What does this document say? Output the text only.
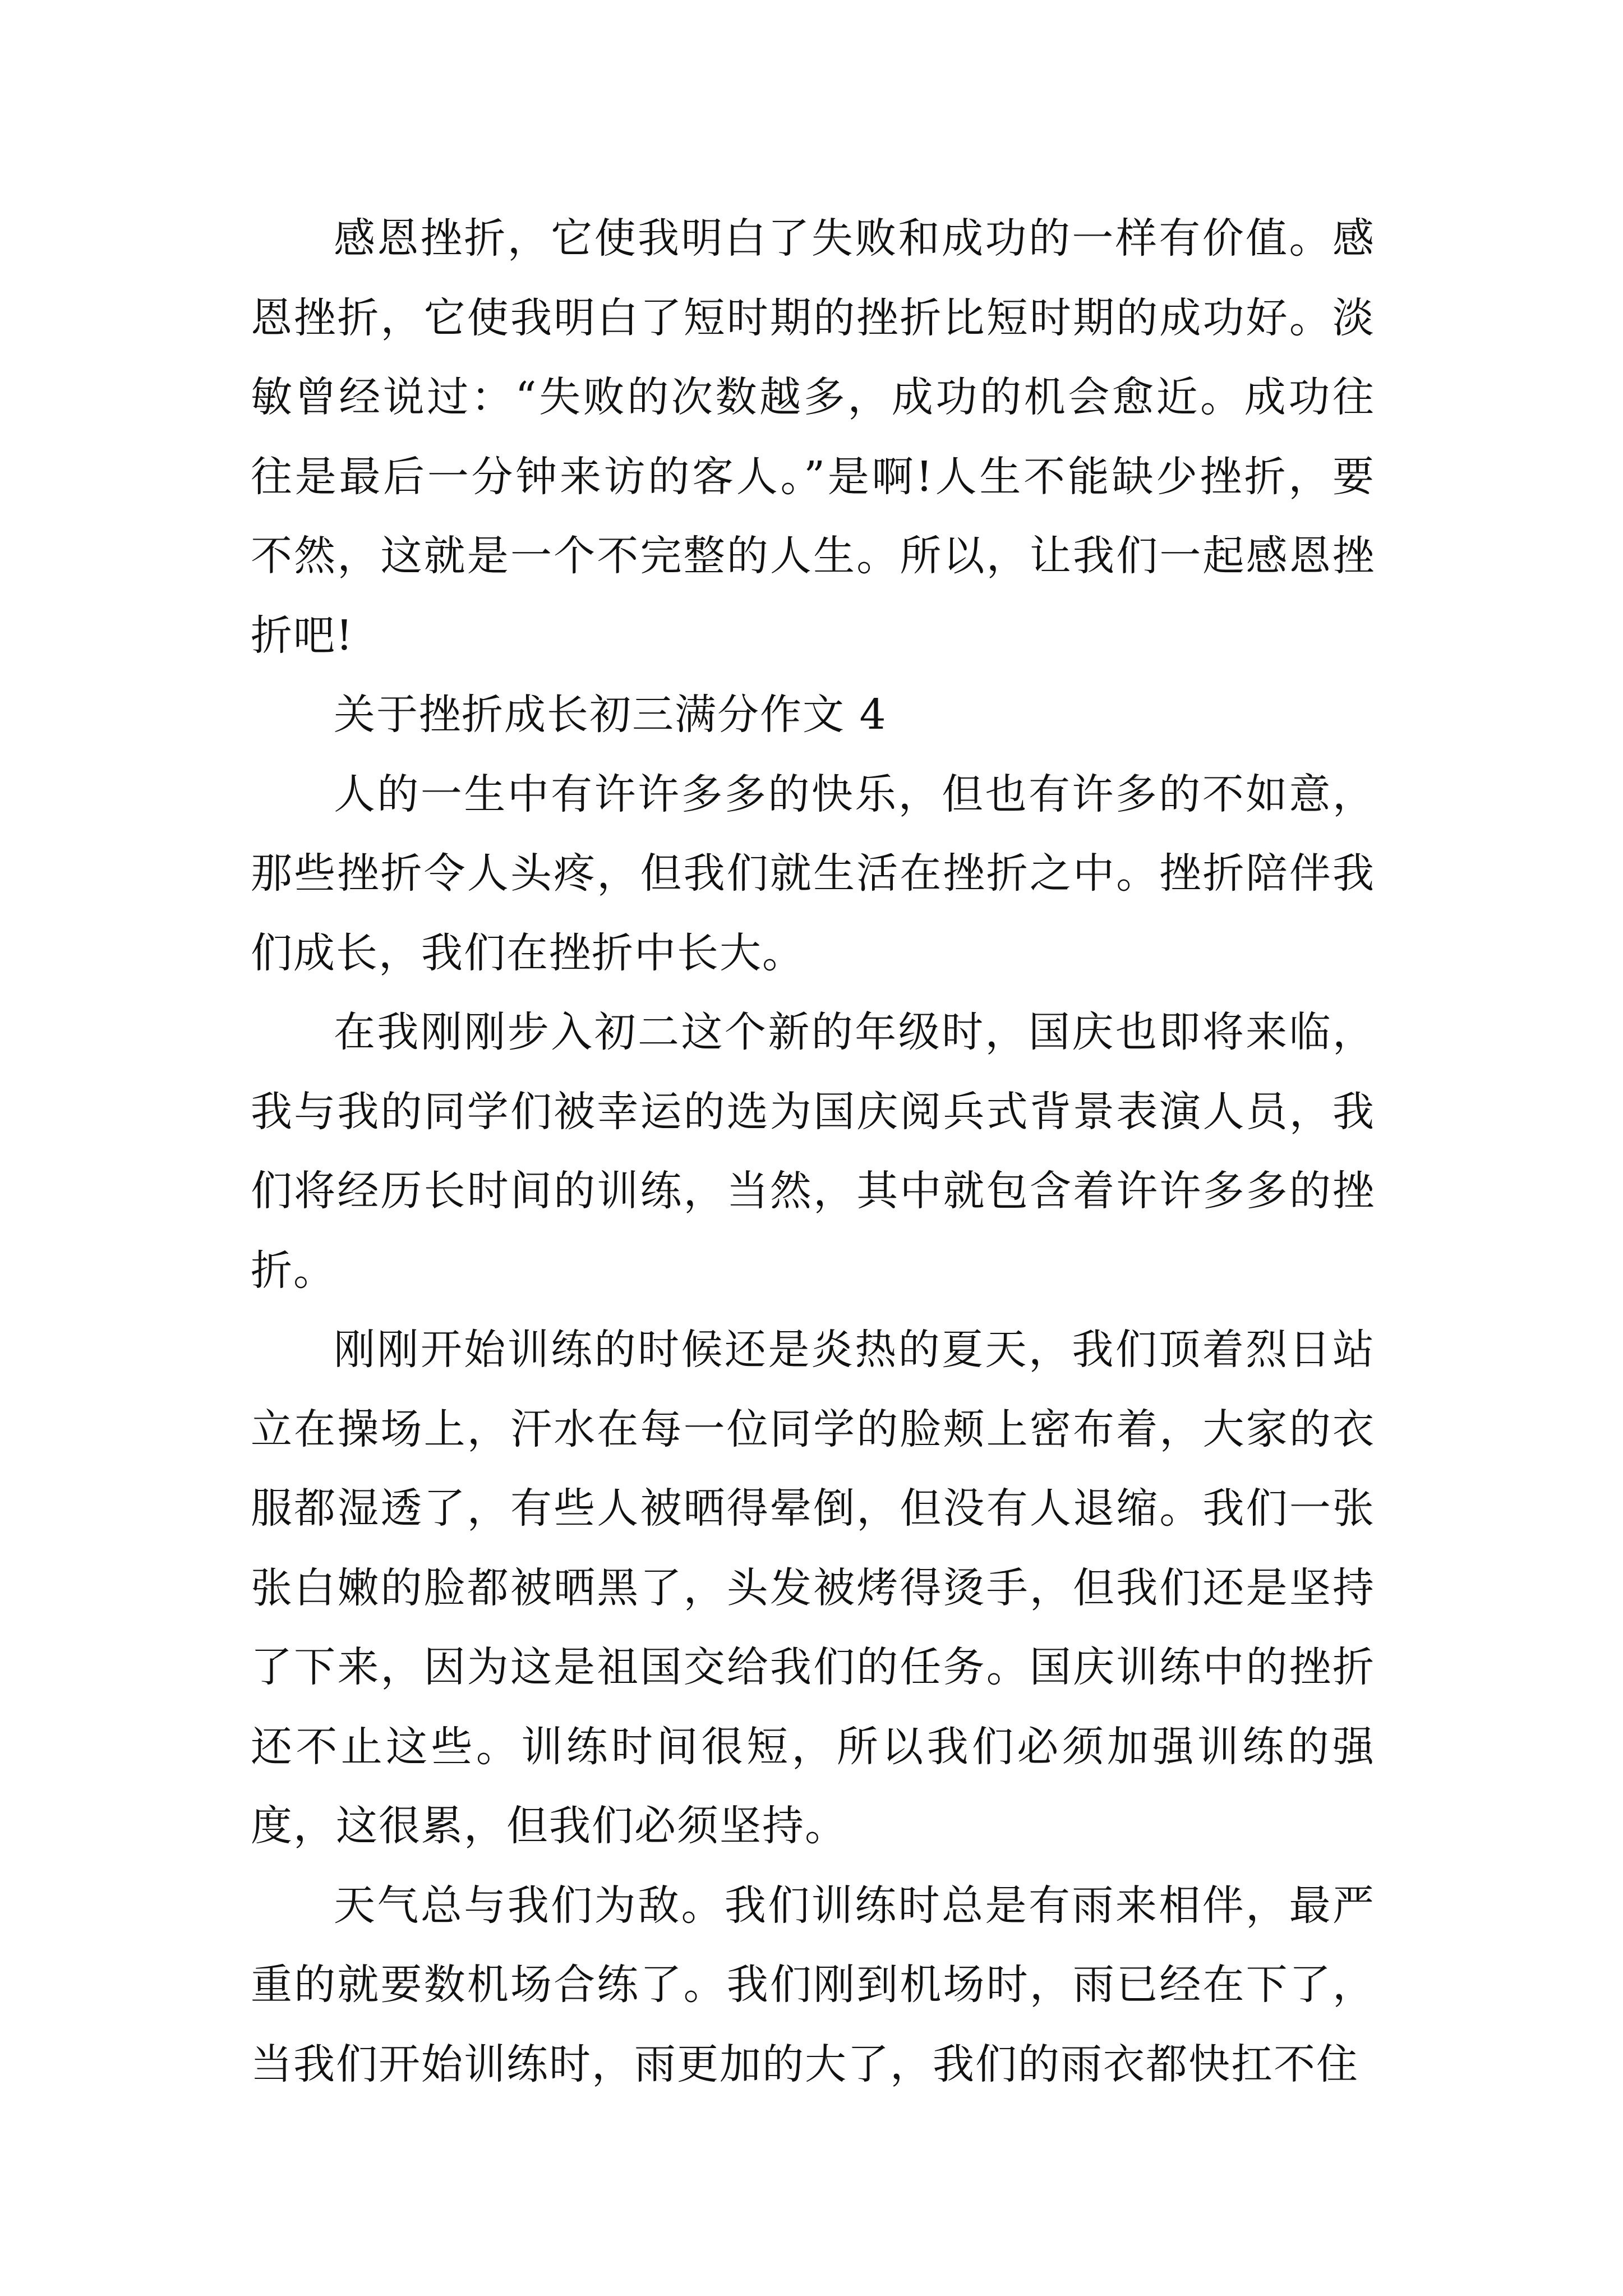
感恩挫折，它使我明白了失败和成功的一样有价值。感恩挫折，它使我明白了短时期的挫折比短时期的成功好。淡敏曾经说过：“失败的次数越多，成功的机会愈近。成功往往是最后一分钟来访的客人。”是啊!人生不能缺少挫折，要不然，这就是一个不完整的人生。所以，让我们一起感恩挫折吧!

关于挫折成长初三满分作文 4

人的一生中有许许多多的快乐，但也有许多的不如意，那些挫折令人头疼，但我们就生活在挫折之中。挫折陪伴我们成长，我们在挫折中长大。

在我刚刚步入初二这个新的年级时，国庆也即将来临，我与我的同学们被幸运的选为国庆阅兵式背景表演人员，我们将经历长时间的训练，当然，其中就包含着许许多多的挫折。

刚刚开始训练的时候还是炎热的夏天，我们顶着烈日站立在操场上，汗水在每一位同学的脸颊上密布着，大家的衣服都湿透了，有些人被晒得晕倒，但没有人退缩。我们一张张白嫩的脸都被晒黑了，头发被烤得烫手，但我们还是坚持了下来，因为这是祖国交给我们的任务。国庆训练中的挫折还不止这些。训练时间很短，所以我们必须加强训练的强度，这很累，但我们必须坚持。

天气总与我们为敌。我们训练时总是有雨来相伴，最严重的就要数机场合练了。我们刚到机场时，雨已经在下了，当我们开始训练时，雨更加的大了，我们的雨衣都快扛不住
